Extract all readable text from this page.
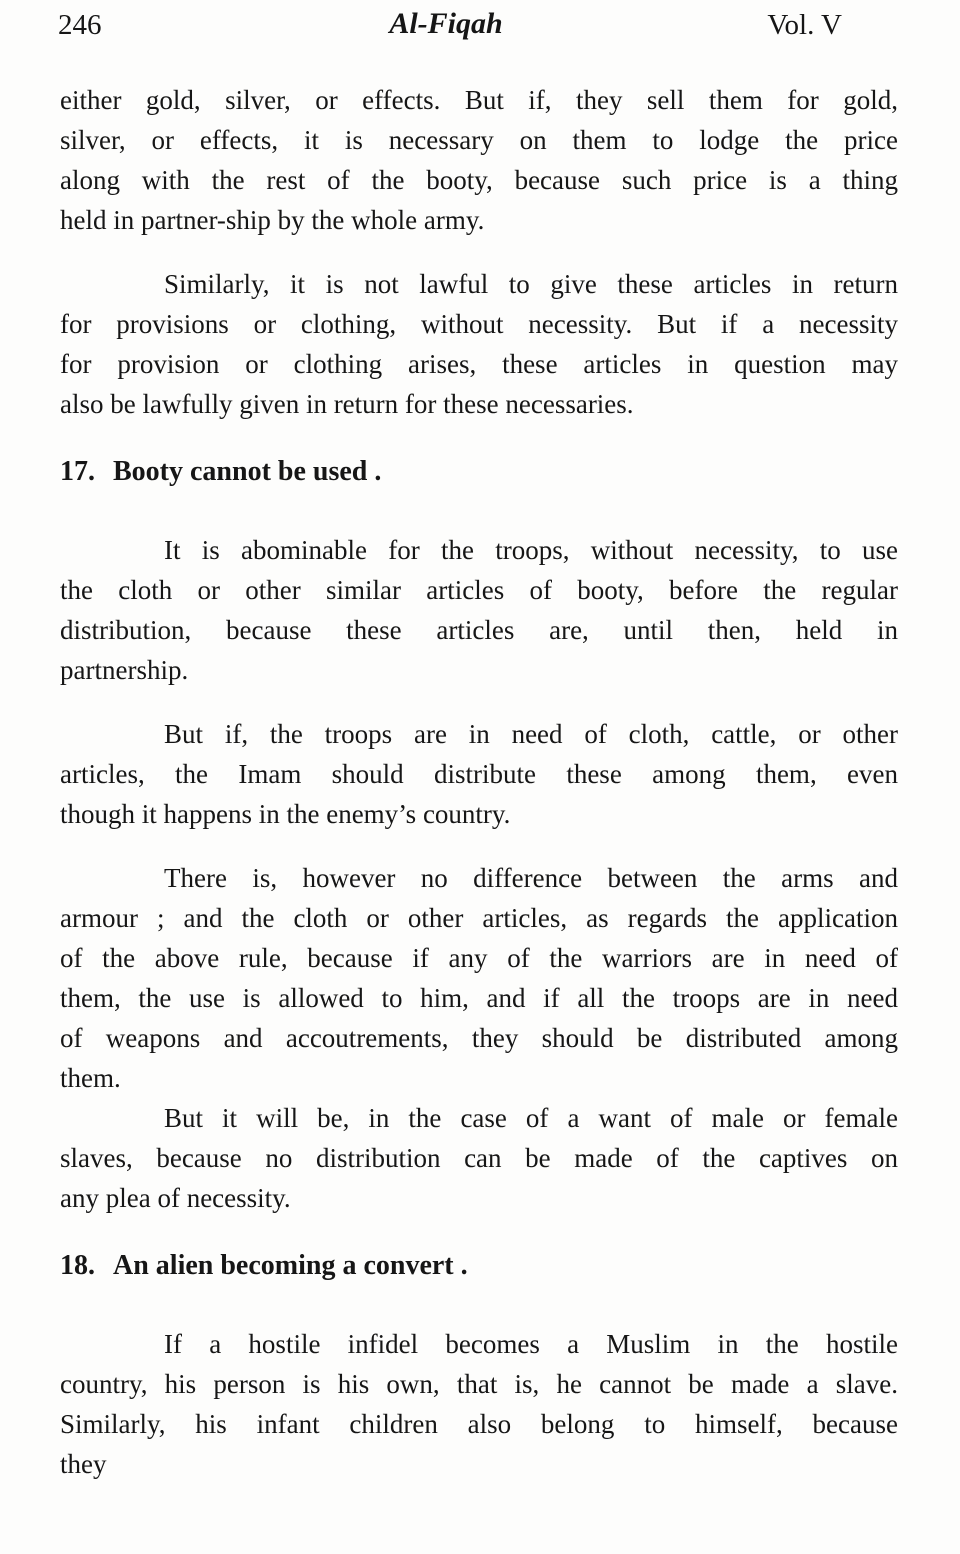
246	Al-Fiqah	Vol. V
either gold, silver, or effects. But if, they sell them for gold,
silver, or effects, it is necessary on them to lodge the price
along with the rest of the booty, because such price is a thing
held in partner-ship by the whole army.
Similarly, it is not lawful to give these articles in return
for provisions or clothing, without necessity. But if a necessity
for provision or clothing arises, these articles in question may
also be lawfully given in return for these necessaries.
17. Booty cannot be used .
It is abominable for the troops, without necessity, to use
the cloth or other similar articles of booty, before the regular
distribution, because these articles are, until then, held in
partnership.
But if, the troops are in need of cloth, cattle, or other
articles, the Imam should distribute these among them, even
though it happens in the enemy’s country.
There is, however no difference between the arms and
armour ; and the cloth or other articles, as regards the application
of the above rule, because if any of the warriors are in need of
them, the use is allowed to him, and if all the troops are in need
of weapons and accoutrements, they should be distributed among
them.
But it will be, in the case of a want of male or female
slaves, because no distribution can be made of the captives on
any plea of necessity.
18. An alien becoming a convert .
If a hostile infidel becomes a Muslim in the hostile
country, his person is his own, that is, he cannot be made a slave.
Similarly, his infant children also belong to himself, because
they
